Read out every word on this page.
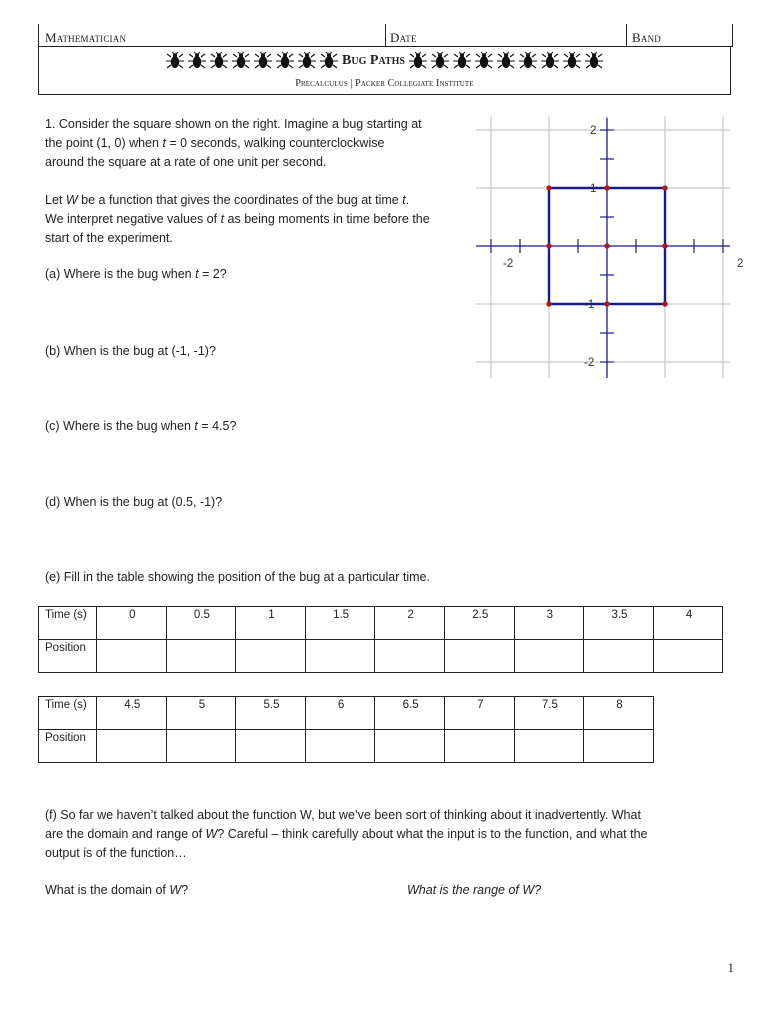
Mathematician	Date	Band
Bug Paths
Precalculus | Packer Collegiate Institute
1. Consider the square shown on the right. Imagine a bug starting at
the point (1, 0) when t = 0 seconds, walking counterclockwise
around the square at a rate of one unit per second.
Let W be a function that gives the coordinates of the bug at time t.
We interpret negative values of t as being moments in time before the
start of the experiment.
(a) Where is the bug when t = 2?
(b) When is the bug at (-1, -1)?
(c) Where is the bug when t = 4.5?
(d) When is the bug at (0.5, -1)?
(e) Fill in the table showing the position of the bug at a particular time.
-2	2
2
1
-1
-2
Time (s)	0	0.5	1	1.5	2	2.5	3	3.5	4
Position									
Time (s)	4.5	5	5.5	6	6.5	7	7.5	8
Position								
(f) So far we haven’t talked about the function W, but we’ve been sort of thinking about it inadvertently. What
are the domain and range of W? Careful – think carefully about what the input is to the function, and what the
output is of the function…
What is the domain of W?	What is the range of W?
1
